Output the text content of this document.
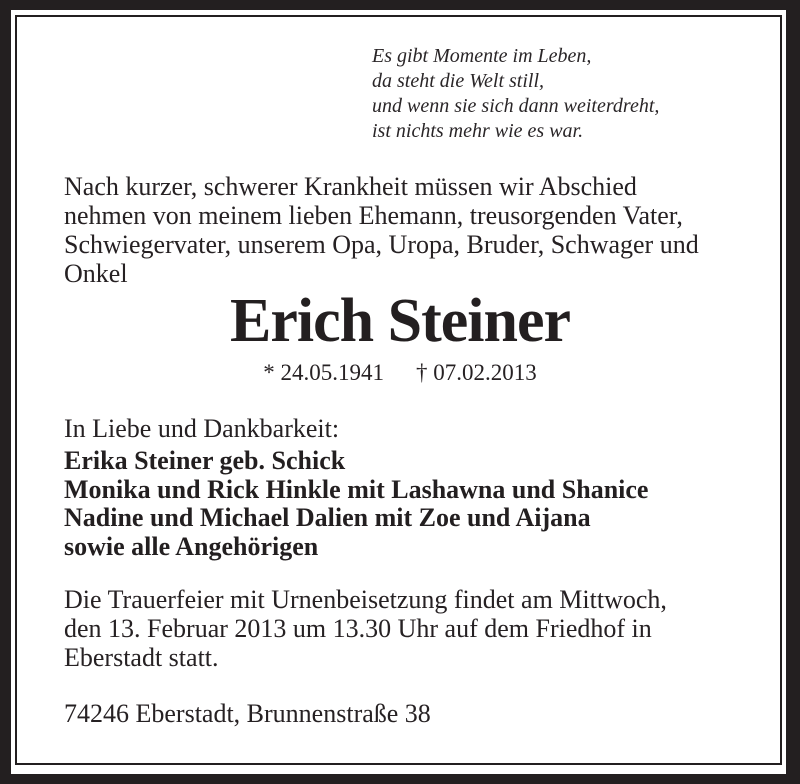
Es gibt Momente im Leben,
da steht die Welt still,
und wenn sie sich dann weiterdreht,
ist nichts mehr wie es war.
Nach kurzer, schwerer Krankheit müssen wir Abschied
nehmen von meinem lieben Ehemann, treusorgenden Vater,
Schwiegervater, unserem Opa, Uropa, Bruder, Schwager und
Onkel
Erich Steiner
* 24.05.1941 † 07.02.2013
In Liebe und Dankbarkeit:
Erika Steiner geb. Schick
Monika und Rick Hinkle mit Lashawna und Shanice
Nadine und Michael Dalien mit Zoe und Aijana
sowie alle Angehörigen
Die Trauerfeier mit Urnenbeisetzung findet am Mittwoch,
den 13. Februar 2013 um 13.30 Uhr auf dem Friedhof in
Eberstadt statt.
74246 Eberstadt, Brunnenstraße 38
